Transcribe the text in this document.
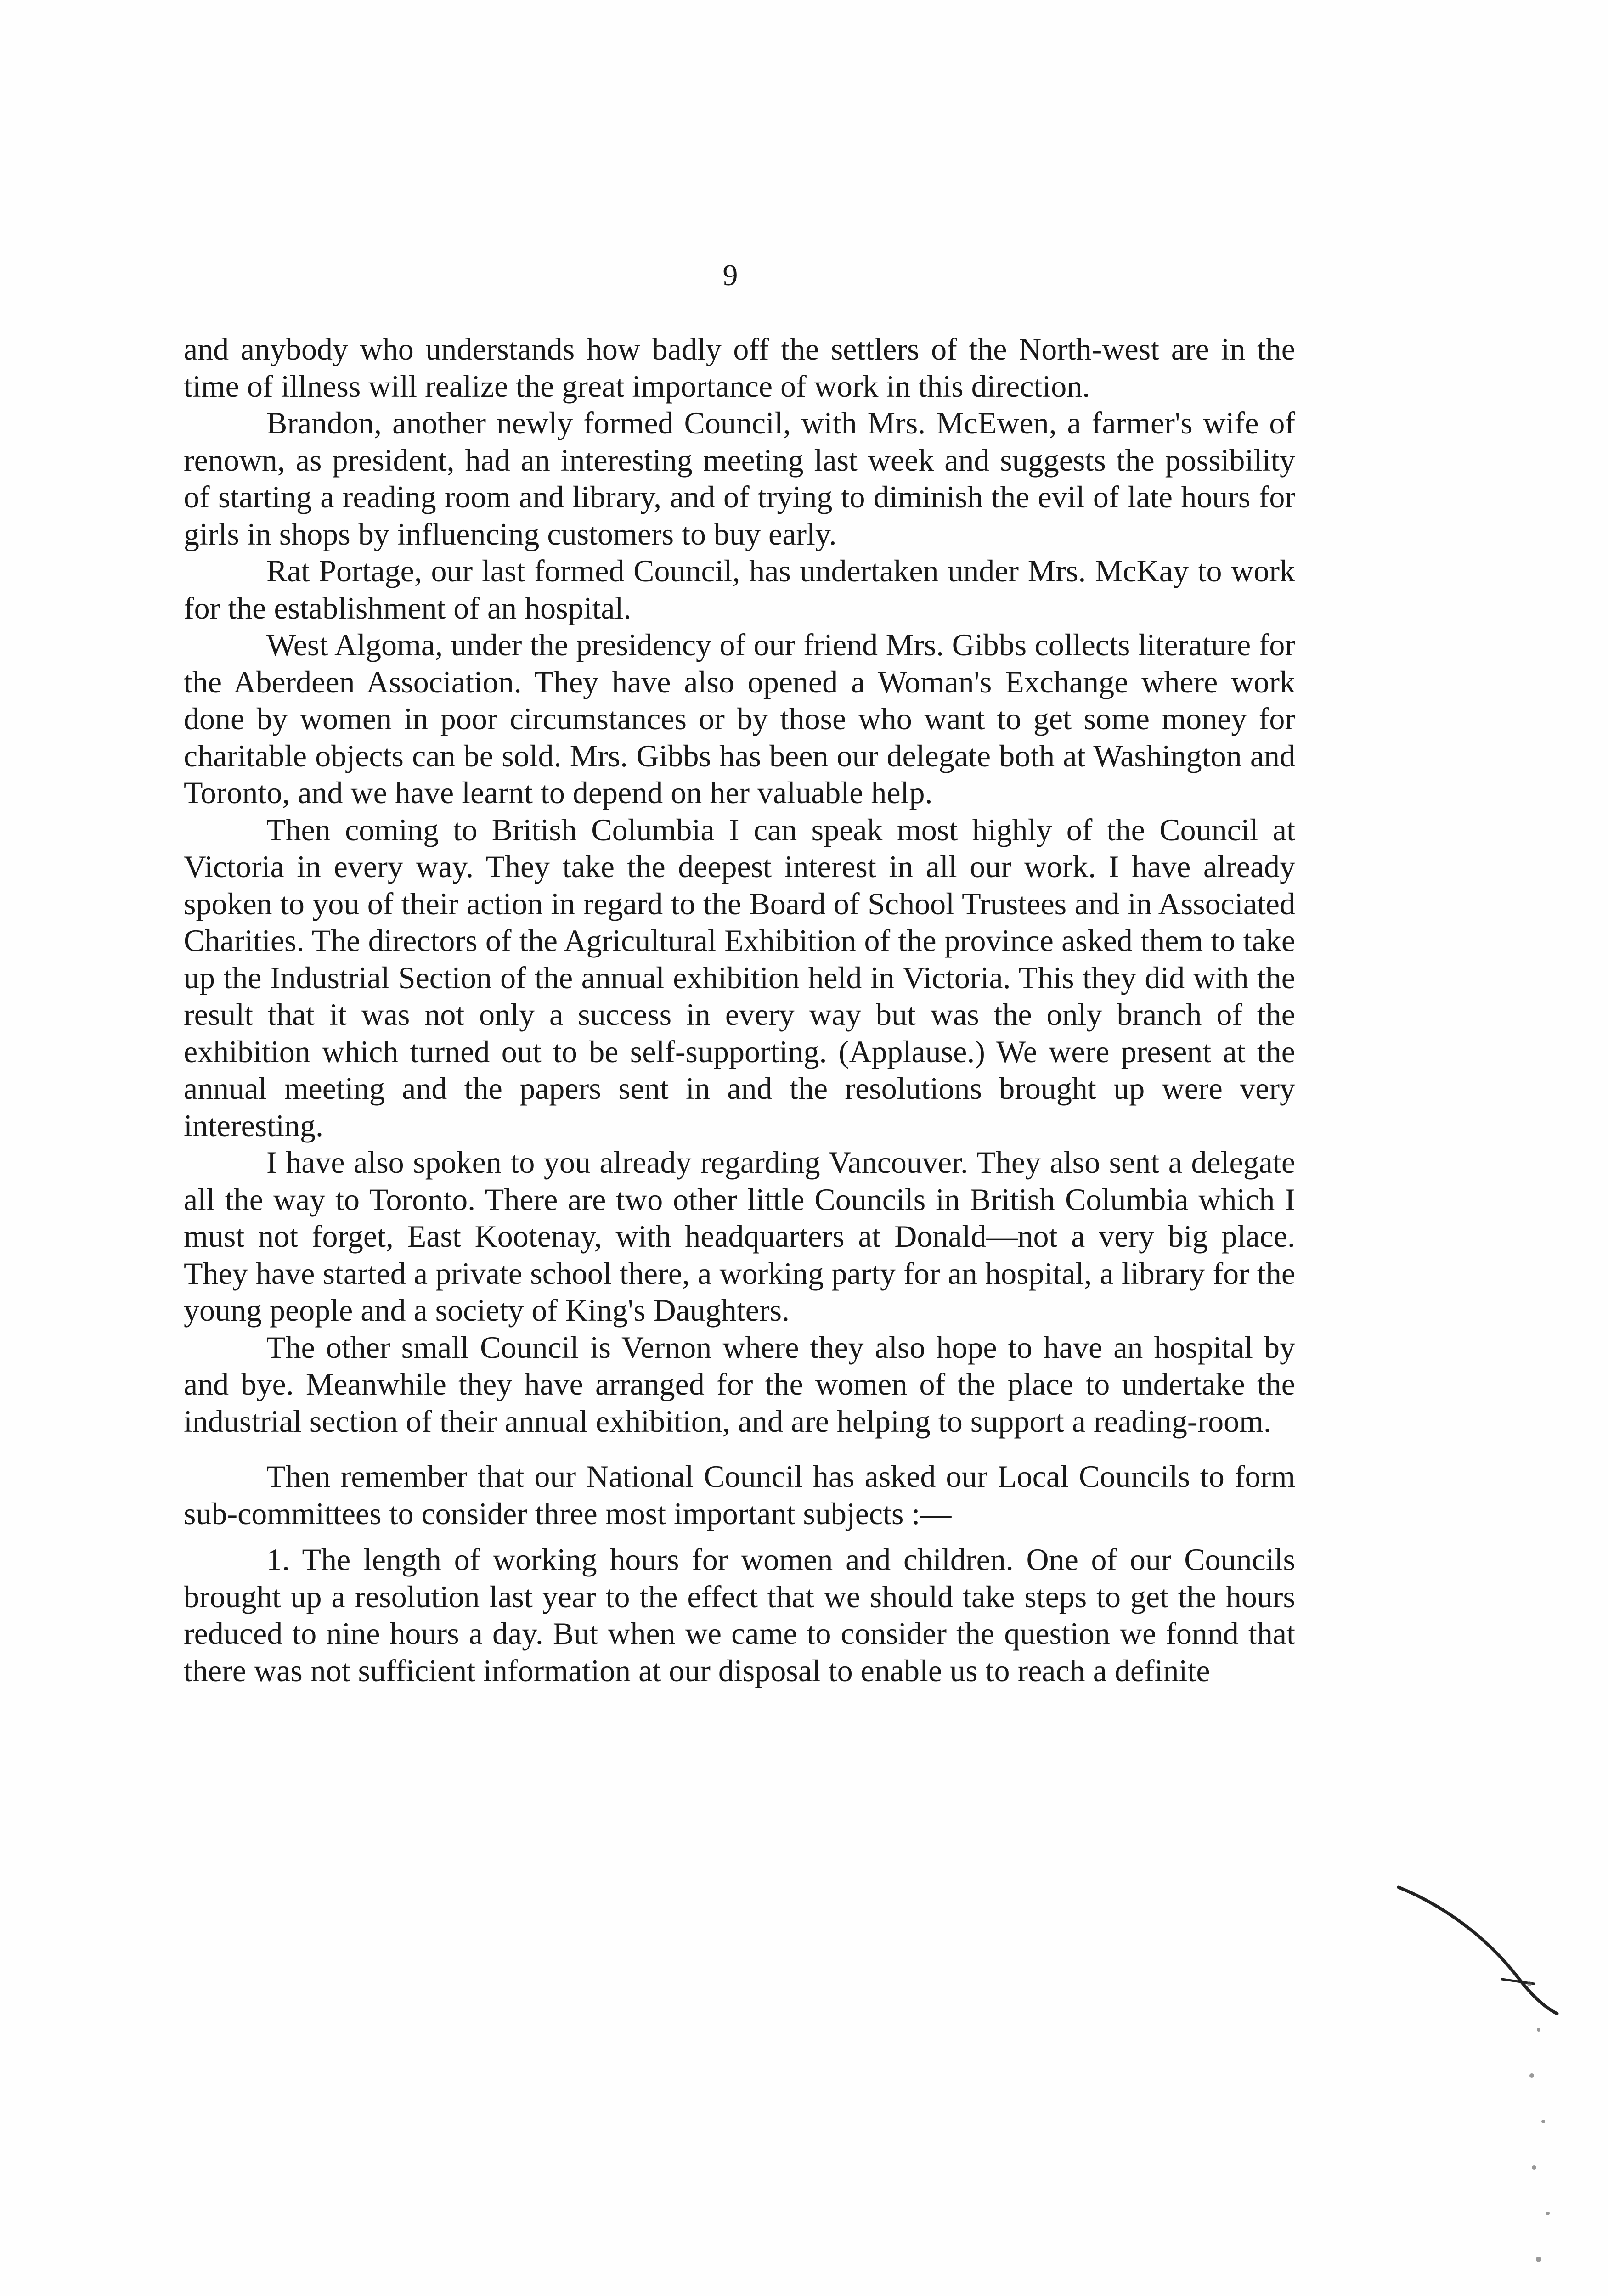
9

and anybody who understands how badly off the settlers of the North-west are in the time of illness will realize the great importance of work in this direction.

Brandon, another newly formed Council, with Mrs. McEwen, a farmer's wife of renown, as president, had an interesting meeting last week and suggests the possibility of starting a reading room and library, and of trying to diminish the evil of late hours for girls in shops by influencing customers to buy early.

Rat Portage, our last formed Council, has undertaken under Mrs. McKay to work for the establishment of an hospital.

West Algoma, under the presidency of our friend Mrs. Gibbs collects literature for the Aberdeen Association. They have also opened a Woman's Exchange where work done by women in poor circumstances or by those who want to get some money for charitable objects can be sold. Mrs. Gibbs has been our delegate both at Washington and Toronto, and we have learnt to depend on her valuable help.

Then coming to British Columbia I can speak most highly of the Council at Victoria in every way. They take the deepest interest in all our work. I have already spoken to you of their action in regard to the Board of School Trustees and in Associated Charities. The directors of the Agricultural Exhibition of the province asked them to take up the Industrial Section of the annual exhibition held in Victoria. This they did with the result that it was not only a success in every way but was the only branch of the exhibition which turned out to be self-supporting. (Applause.) We were present at the annual meeting and the papers sent in and the resolutions brought up were very interesting.

I have also spoken to you already regarding Vancouver. They also sent a delegate all the way to Toronto. There are two other little Councils in British Columbia which I must not forget, East Kootenay, with headquarters at Donald—not a very big place. They have started a private school there, a working party for an hospital, a library for the young people and a society of King's Daughters.

The other small Council is Vernon where they also hope to have an hospital by and bye. Meanwhile they have arranged for the women of the place to undertake the industrial section of their annual exhibition, and are helping to support a reading-room.

Then remember that our National Council has asked our Local Councils to form sub-committees to consider three most important subjects :—

1. The length of working hours for women and children. One of our Councils brought up a resolution last year to the effect that we should take steps to get the hours reduced to nine hours a day. But when we came to consider the question we fonnd that there was not sufficient information at our disposal to enable us to reach a definite
